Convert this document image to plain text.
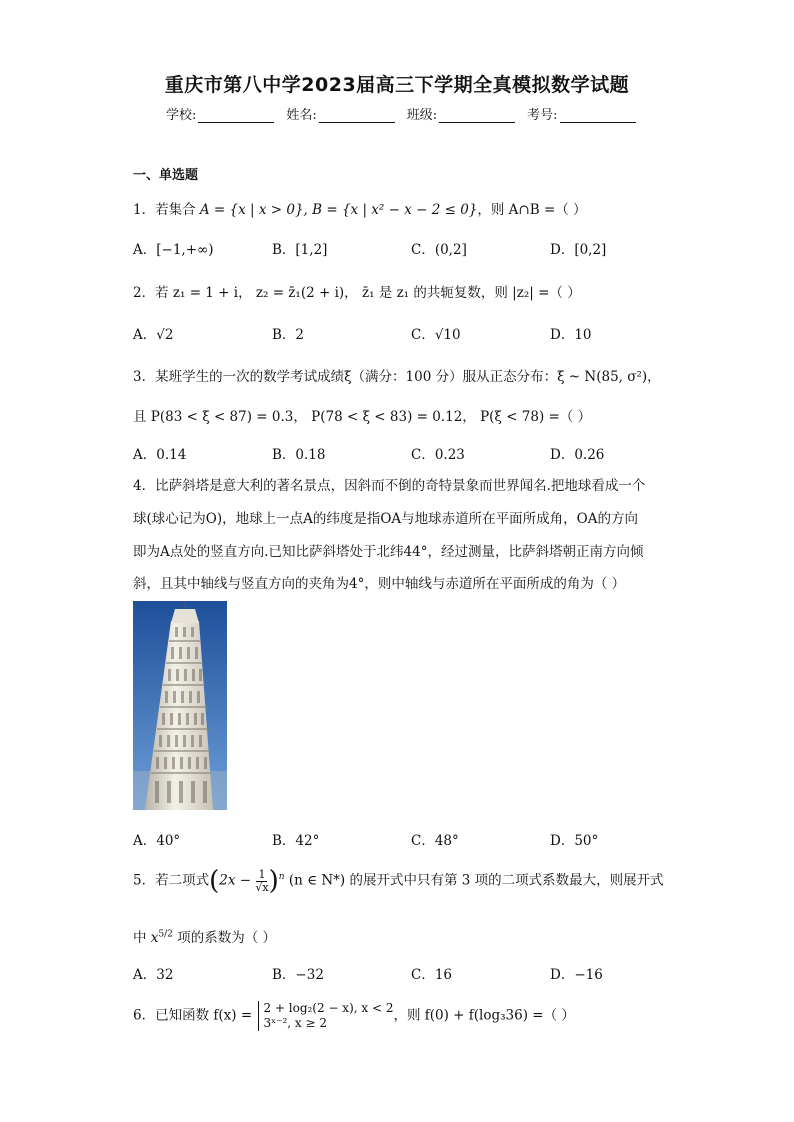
重庆市第八中学2023届高三下学期全真模拟数学试题
学校:	姓名:	班级:	考号:
一、单选题
1．若集合 A = {x | x > 0}, B = {x | x² − x − 2 ≤ 0}，则 A∩B =（ ）
A．[−1,+∞)	B．[1,2]	C．(0,2]	D．[0,2]
2．若 z₁ = 1 + i， z₂ = z̄₁(2 + i)， z̄₁ 是 z₁ 的共轭复数，则 |z₂| =（ ）
A．√2	B．2	C．√10	D．10
3．某班学生的一次的数学考试成绩ξ（满分：100 分）服从正态分布：ξ ~ N(85, σ²)，
且 P(83 < ξ < 87) = 0.3， P(78 < ξ < 83) = 0.12， P(ξ < 78) =（ ）
A．0.14	B．0.18	C．0.23	D．0.26
4．比萨斜塔是意大利的著名景点，因斜而不倒的奇特景象而世界闻名.把地球看成一个
球(球心记为O)，地球上一点A的纬度是指OA与地球赤道所在平面所成角，OA的方向
即为A点处的竖直方向.已知比萨斜塔处于北纬44°，经过测量，比萨斜塔朝正南方向倾
斜，且其中轴线与竖直方向的夹角为4°，则中轴线与赤道所在平面所成的角为（ ）
A．40°	B．42°	C．48°	D．50°
5．若二项式$(2x - \frac{1}{√x} )^n$ (n ∈ N*) 的展开式中只有第 3 项的二项式系数最大，则展开式
中 $x^{5/2}$ 项的系数为（ ）
A．32	B．−32	C．16	D．−16
6．已知函数 f(x) = 2 + log₂(2 − x), x < 2
3ˣ⁻², x ≥ 2	，则 f(0) + f(log₃36) =（ ）
